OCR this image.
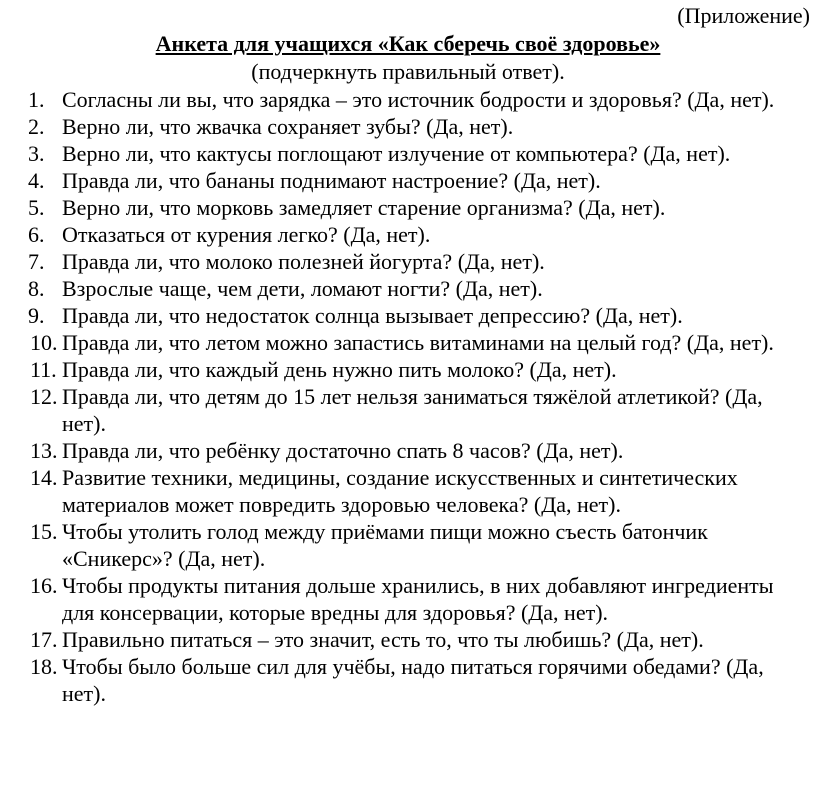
(Приложение)
Анкета для учащихся «Как сберечь своё здоровье»
(подчеркнуть правильный ответ).
1. Согласны ли вы, что зарядка – это источник бодрости и здоровья? (Да, нет).
2. Верно ли, что жвачка сохраняет зубы? (Да, нет).
3. Верно ли, что кактусы поглощают излучение от компьютера? (Да, нет).
4. Правда ли, что бананы поднимают настроение? (Да, нет).
5. Верно ли, что морковь замедляет старение организма? (Да, нет).
6. Отказаться от курения легко? (Да, нет).
7. Правда ли, что молоко полезней йогурта? (Да, нет).
8. Взрослые чаще, чем дети, ломают ногти? (Да, нет).
9. Правда ли, что недостаток солнца вызывает депрессию? (Да, нет).
10. Правда ли, что летом можно запастись витаминами на целый год? (Да, нет).
11. Правда ли, что каждый день нужно пить молоко? (Да, нет).
12. Правда ли, что детям до 15 лет нельзя заниматься тяжёлой атлетикой? (Да, нет).
13. Правда ли, что ребёнку достаточно спать 8 часов? (Да, нет).
14. Развитие техники, медицины, создание искусственных и синтетических материалов может повредить здоровью человека? (Да, нет).
15. Чтобы утолить голод между приёмами пищи можно съесть батончик «Сникерс»? (Да, нет).
16. Чтобы продукты питания дольше хранились, в них добавляют ингредиенты для консервации, которые вредны для здоровья? (Да, нет).
17. Правильно питаться – это значит, есть то, что ты любишь? (Да, нет).
18. Чтобы было больше сил для учёбы, надо питаться горячими обедами? (Да, нет).
